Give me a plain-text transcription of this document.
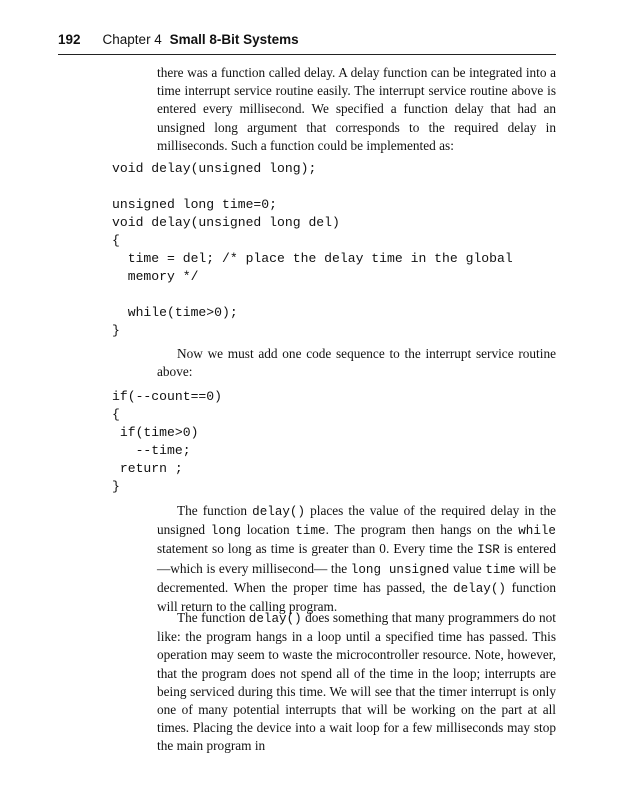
192 Chapter 4 Small 8-Bit Systems
there was a function called delay. A delay function can be integrated into a time interrupt service routine easily. The interrupt service routine above is entered every millisecond. We specified a function delay that had an unsigned long argument that corresponds to the required delay in milliseconds. Such a function could be implemented as:
void delay(unsigned long);
unsigned long time=0;
void delay(unsigned long del)
{
time = del; /* place the delay time in the global
memory */

while(time>0);
}
Now we must add one code sequence to the interrupt service routine above:
if(--count==0)
{
if(time>0)
--time;
return ;
}
The function delay() places the value of the required delay in the unsigned long location time. The program then hangs on the while statement so long as time is greater than 0. Every time the ISR is entered—which is every millisecond— the long unsigned value time will be decremented. When the proper time has passed, the delay() function will return to the calling program.
The function delay() does something that many programmers do not like: the program hangs in a loop until a specified time has passed. This operation may seem to waste the microcontroller resource. Note, however, that the program does not spend all of the time in the loop; interrupts are being serviced during this time. We will see that the timer interrupt is only one of many potential interrupts that will be working on the part at all times. Placing the device into a wait loop for a few milliseconds may stop the main program in
